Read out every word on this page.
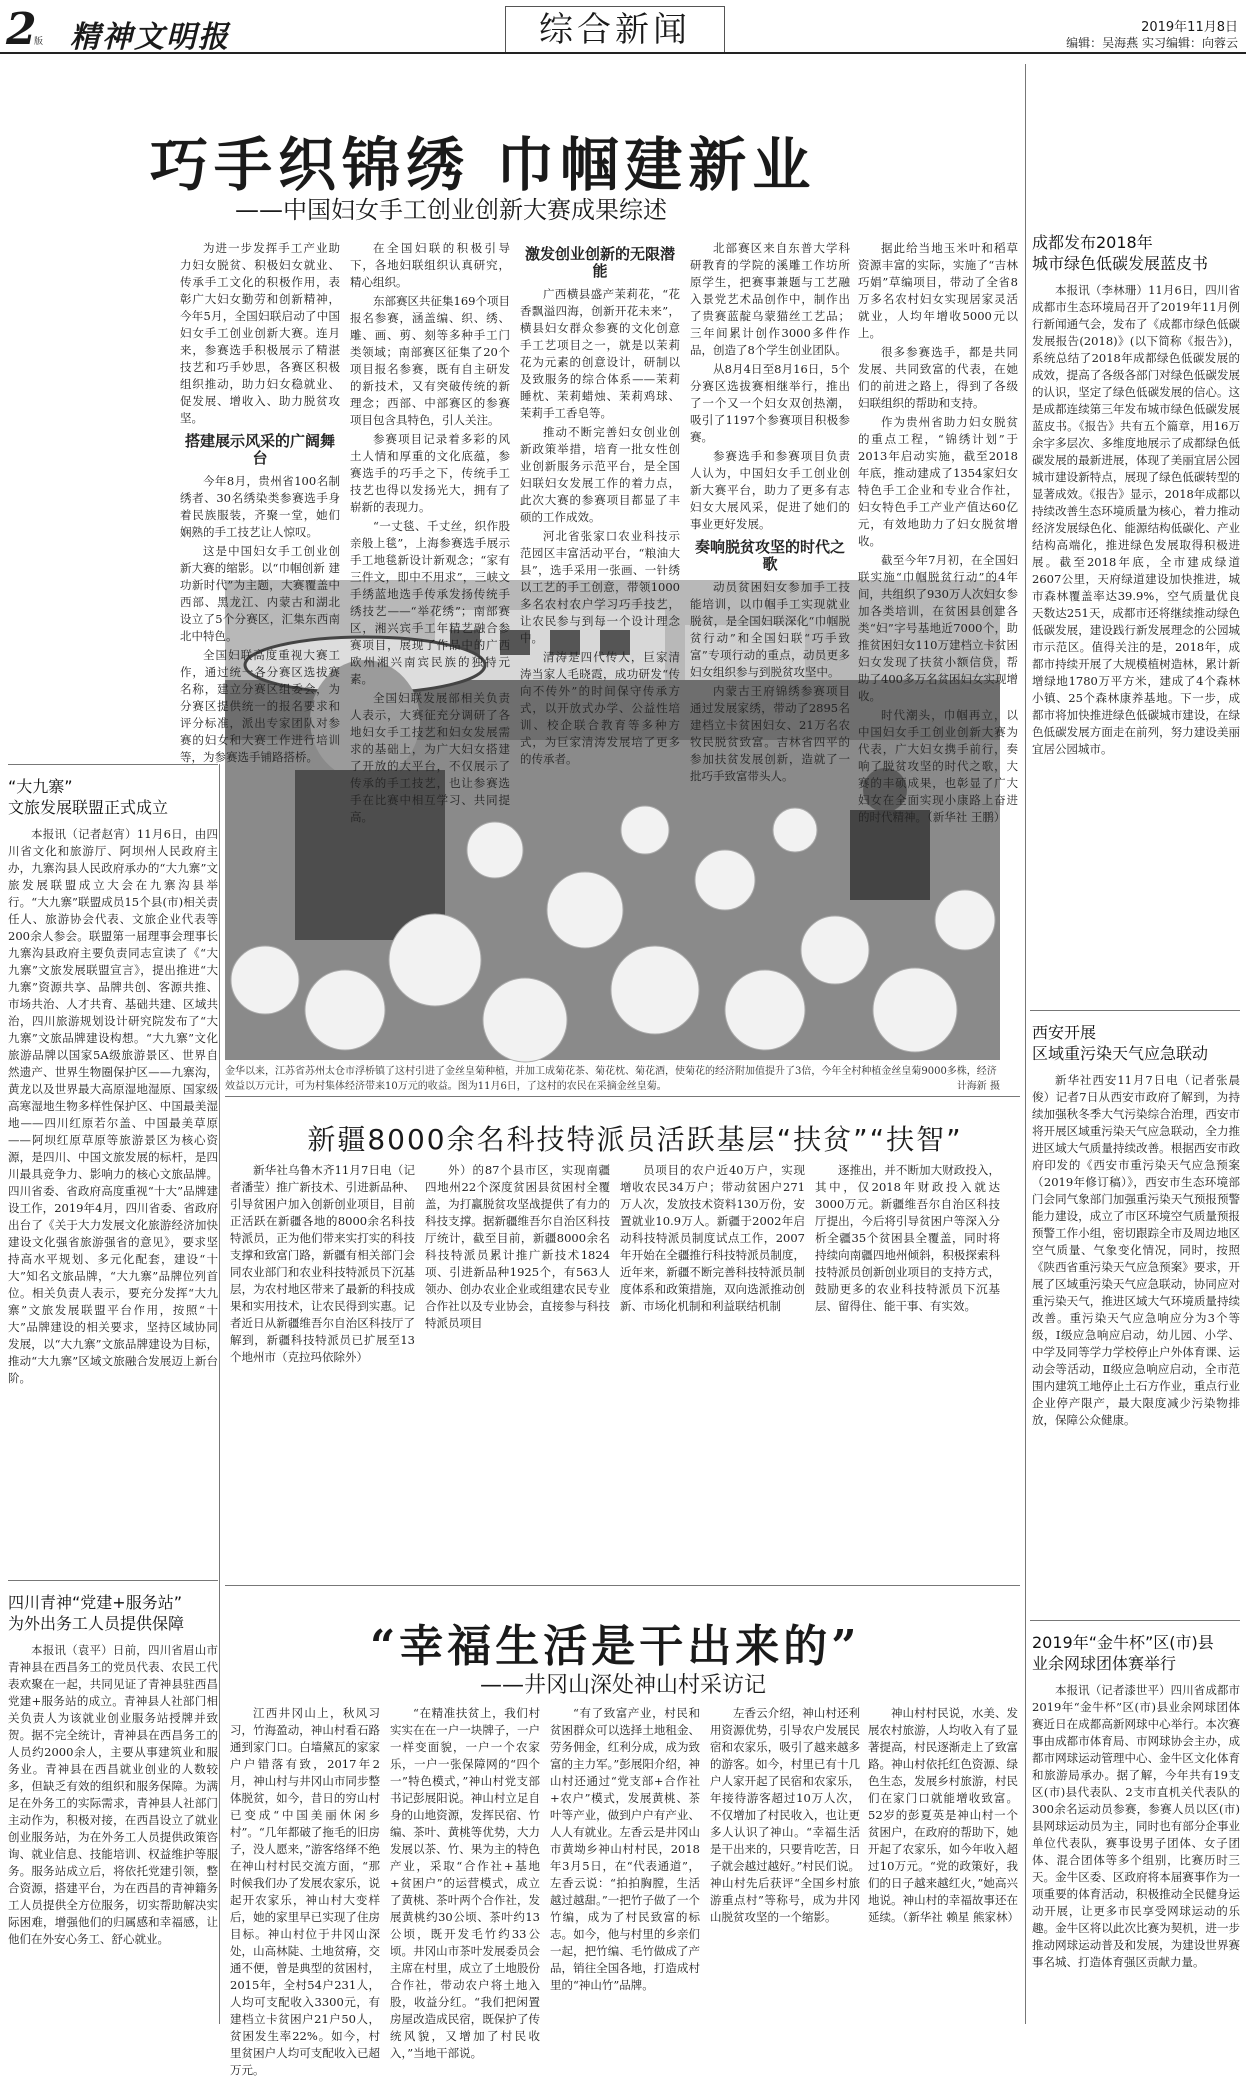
2
版 精神文明报	综合新闻	2019年11月8日
编辑：吴海燕 实习编辑：向蓉云
巧手织锦绣 巾帼建新业
——中国妇女手工创业创新大赛成果综述
金华以来，江苏省苏州太仓市浮桥镇了这村引进了金丝皇菊种植，并加工成菊花茶、菊花枕、菊花酒，使菊花的经济附加值提升了3倍，今年全村种植金丝皇菊9000多株，经济效益以万元计，可为村集体经济带来10万元的收益。图为11月6日，了这村的农民在采摘金丝皇菊。	计海新 摄
新疆8000余名科技特派员活跃基层“扶贫”“扶智”
“幸福生活是干出来的”
——井冈山深处神山村采访记

为进一步发挥手工产业助力妇女脱贫、积极妇女就业、传承手工文化的积极作用，表彰广大妇女勤劳和创新精神，今年5月，全国妇联启动了中国妇女手工创业创新大赛。连月来，参赛选手积极展示了精湛技艺和巧手妙思，各赛区积极组织推动，助力妇女稳就业、促发展、增收入、助力脱贫攻坚。

搭建展示风采的广阔舞台

今年8月，贵州省100名制绣者、30名绣染类参赛选手身着民族服装，齐聚一堂，她们娴熟的手工技艺让人惊叹。

这是中国妇女手工创业创新大赛的缩影。以“巾帼创新 建功新时代”为主题，大赛覆盖中西部、黑龙江、内蒙古和湖北设立了5个分赛区，汇集东西南北中特色。

全国妇联高度重视大赛工作，通过统一各分赛区选拔赛名称，建立分赛区组委会，为分赛区提供统一的报名要求和评分标准，派出专家团队对参赛的妇女和大赛工作进行培训等，为参赛选手铺路搭桥。

在全国妇联的积极引导下，各地妇联组织认真研究，精心组织。

东部赛区共征集169个项目报名参赛，涵盖编、织、绣、雕、画、剪、刻等多种手工门类领域；南部赛区征集了20个项目报名参赛，既有自主研发的新技术，又有突破传统的新理念；西部、中部赛区的参赛项目包含具特色，引人关注。

参赛项目记录着多彩的风土人情和厚重的文化底蕴，参赛选手的巧手之下，传统手工技艺也得以发扬光大，拥有了崭新的表现力。

“一丈毯、千丈丝，织作股亲般上毯”，上海参赛选手展示手工地毯新设计新观念；“家有三件文，即中不用求”，三峡文手绣蓝地选手传承发扬传统手绣技艺——“举花绣”；南部赛区，湘兴宾手工年精艺融合参赛项目，展现了作品中的广西欧州湘兴南宾民族的独特元素。

全国妇联发展部相关负责人表示，大赛征充分调研了各地妇女手工技艺和妇女发展需求的基础上，为广大妇女搭建了开放的大平台，不仅展示了传承的手工技艺，也让参赛选手在比赛中相互学习、共同提高。

激发创业创新的无限潜能

广西横县盛产茉莉花，“花香飘溢四海，创新开花未来”，横县妇女群众参赛的文化创意手工艺项目之一，就是以茉莉花为元素的创意设计，研制以及致服务的综合体系——茉莉睡枕、茉莉蜡烛、茉莉鸡球、茉莉手工香皂等。

推动不断完善妇女创业创新政策举措，培育一批女性创业创新服务示范平台，是全国妇联妇女发展工作的着力点，此次大赛的参赛项目都显了丰硕的工作成效。

河北省张家口农业科技示范园区丰富活动平台，“粮油大县”，选手采用一张画、一针绣以工艺的手工创意，带领1000多名农村农户学习巧手技艺，让农民参与到每一个设计理念中。

清涛是四代传人，巨家清涛当家人毛晓霞，成功研发“传向不传外”的时间保守传承方式，以开放式办学、公益性培训、校企联合教育等多种方式，为巨家清涛发展培了更多的传承者。

北部赛区来自东普大学科研教育的学院的溪雕工作坊所原学生，把赛事兼题与工艺融入景党艺术品创作中，制作出了贵赛蓝靛乌蒙猫丝工艺品；三年间累计创作3000多件作品，创造了8个学生创业团队。

从8月4日至8月16日，5个分赛区选拔赛相继举行，推出了一个又一个妇女双创热潮，吸引了1197个参赛项目积极参赛。

参赛选手和参赛项目负责人认为，中国妇女手工创业创新大赛平台，助力了更多有志妇女大展风采，促进了她们的事业更好发展。

奏响脱贫攻坚的时代之歌

动员贫困妇女参加手工技能培训，以巾帼手工实现就业脱贫，是全国妇联深化“巾帼脱贫行动”和全国妇联“巧手致富”专项行动的重点，动员更多妇女组织参与到脱贫攻坚中。

内蒙古王府锦绣参赛项目通过发展家绣，带动了2895名建档立卡贫困妇女、21万名农牧民脱贫致富。吉林省四平的参加扶贫发展创新，造就了一批巧手致富带头人。

据此给当地玉米叶和稻草资源丰富的实际，实施了“吉林巧娟”草编项目，带动了全省8万多名农村妇女实现居家灵活就业，人均年增收5000元以上。

很多参赛选手，都是共同发展、共同致富的代表，在她们的前进之路上，得到了各级妇联组织的帮助和支持。

作为贵州省助力妇女脱贫的重点工程，“锦绣计划”于2013年启动实施，截至2018年底，推动建成了1354家妇女特色手工企业和专业合作社，妇女特色手工产业产值达60亿元，有效地助力了妇女脱贫增收。

截至今年7月初，在全国妇联实施“巾帼脱贫行动”的4年间，共组织了930万人次妇女参加各类培训，在贫困县创建各类“妇”字号基地近7000个，助推贫困妇女110万建档立卡贫困妇女发现了扶贫小额信贷，帮助了400多万名贫困妇女实现增收。

时代潮头，巾帼再立，以中国妇女手工创业创新大赛为代表，广大妇女携手前行，奏响了脱贫攻坚的时代之歌，大赛的丰硕成果，也彰显了广大妇女在全面实现小康路上奋进的时代精神。（新华社 王鹏）

新华社乌鲁木齐11月7日电（记者潘莹）推广新技术、引进新品种、引导贫困户加入创新创业项目，目前正活跃在新疆各地的8000余名科技特派员，正为他们带来实打实的科技支撑和致富门路，新疆有相关部门会同农业部门和农业科技特派员下沉基层，为农村地区带来了最新的科技成果和实用技术，让农民得到实惠。记者近日从新疆维吾尔自治区科技厅了解到，新疆科技特派员已扩展至13个地州市（克拉玛依除外）

外）的87个县市区，实现南疆四地州22个深度贫困县贫困村全覆盖，为打赢脱贫攻坚战提供了有力的科技支撑。据新疆维吾尔自治区科技厅统计，截至目前，新疆8000余名科技特派员累计推广新技术1824项、引进新品种1925个，有563人领办、创办农业企业或组建农民专业合作社以及专业协会，直接参与科技特派员项目

员项目的农户近40万户，实现增收农民34万户；带动贫困户271万人次，发放技术资料130万份，安置就业10.9万人。新疆于2002年启动科技特派员制度试点工作，2007年开始在全疆推行科技特派员制度，近年来，新疆不断完善科技特派员制度体系和政策措施，双向选派推动创新、市场化机制和利益联结机制

逐推出，并不断加大财政投入，其中，仅2018年财政投入就达3000万元。新疆维吾尔自治区科技厅提出，今后将引导贫困户等深入分析全疆35个贫困县全覆盖，同时将持续向南疆四地州倾斜，积极探索科技特派员创新创业项目的支持方式，鼓励更多的农业科技特派员下沉基层、留得住、能干事、有实效。

江西井冈山上，秋风习习，竹海盈动，神山村看石路通到家门口。白墙黛瓦的家家户户错落有致，2017年2月，神山村与井冈山市同步整体脱贫，如今，昔日的穷山村已变成“中国美丽休闲乡村”。“几年都破了拖毛的旧房子，没人愿来，”游客络绎不绝在神山村村民交流方面，“那时候我们办了发展农家乐，说起开农家乐，神山村大变样后，她的家里早已实现了住房目标。神山村位于井冈山深处，山高林陡、土地贫瘠，交通不便，曾是典型的贫困村，2015年，全村54户231人，人均可支配收入3300元，有建档立卡贫困户21户50人，贫困发生率22%。如今，村里贫困户人均可支配收入已超万元。

“在精准扶贫上，我们村实实在在一户一块牌子，一户一样变面貌，一户一个农家乐，一户一张保障网的“四个一”特色模式，”神山村党支部书记彭展阳说。神山村立足自身的山地资源，发挥民宿、竹编、茶叶、黄桃等优势，大力发展以茶、竹、果为主的特色产业，采取“合作社+基地+贫困户”的运营模式，成立了黄桃、茶叶两个合作社，发展黄桃约30公顷、茶叶约13公顷，既开发毛竹约33公顷。井冈山市茶叶发展委员会主席在村里，成立了土地股份合作社，带动农户将土地入股，收益分红。“我们把闲置房屋改造成民宿，既保护了传统风貌，又增加了村民收入，”当地干部说。

“有了致富产业，村民和贫困群众可以选择土地租金、劳务佣金，红利分成，成为致富的主力军。”彭展阳介绍，神山村还通过“党支部+合作社+农户”模式，发展黄桃、茶叶等产业，做到户户有产业、人人有就业。左香云是井冈山市黄坳乡神山村村民，2018年3月5日，在“代表通道”，左香云说：“拍拍胸膛，生活越过越甜。”一把竹子做了一个竹编，成为了村民致富的标志。如今，他与村里的乡亲们一起，把竹编、毛竹做成了产品，销往全国各地，打造成村里的“神山竹”品牌。

左香云介绍，神山村还利用资源优势，引导农户发展民宿和农家乐，吸引了越来越多的游客。如今，村里已有十几户人家开起了民宿和农家乐，年接待游客超过10万人次，不仅增加了村民收入，也让更多人认识了神山。“幸福生活是干出来的，只要肯吃苦，日子就会越过越好。”村民们说。神山村先后获评“全国乡村旅游重点村”等称号，成为井冈山脱贫攻坚的一个缩影。

神山村村民说，水美、发展农村旅游，人均收入有了显著提高，村民逐渐走上了致富路。神山村依托红色资源、绿色生态，发展乡村旅游，村民们在家门口就能增收致富。52岁的彭夏英是神山村一个贫困户，在政府的帮助下，她开起了农家乐，如今年收入超过10万元。“党的政策好，我们的日子越来越红火，”她高兴地说。神山村的幸福故事还在延续。（新华社 赖星 熊家林）

“大九寨”
文旅发展联盟正式成立

本报讯（记者赵宵）11月6日，由四川省文化和旅游厅、阿坝州人民政府主办，九寨沟县人民政府承办的“大九寨”文旅发展联盟成立大会在九寨沟县举行。“大九寨”联盟成员15个县(市)相关责任人、旅游协会代表、文旅企业代表等200余人参会。联盟第一届理事会理事长九寨沟县政府主要负责同志宣读了《“大九寨”文旅发展联盟宣言》，提出推进“大九寨”资源共享、品牌共创、客源共推、市场共治、人才共育、基础共建、区域共治，四川旅游规划设计研究院发布了“大九寨”文旅品牌建设构想。“大九寨”文化旅游品牌以国家5A级旅游景区、世界自然遗产、世界生物圈保护区——九寨沟，黄龙以及世界最大高原湿地湿原、国家级高寒湿地生物多样性保护区、中国最美湿地——四川红原若尔盖、中国最美草原——阿坝红原草原等旅游景区为核心资源，是四川、中国文旅发展的标杆，是四川最具竞争力、影响力的核心文旅品牌。四川省委、省政府高度重视“十大”品牌建设工作，2019年4月，四川省委、省政府出台了《关于大力发展文化旅游经济加快建设文化强省旅游强省的意见》，要求坚持高水平规划、多元化配套，建设“十大”知名文旅品牌，“大九寨”品牌位列首位。相关负责人表示，要充分发挥“大九寨”文旅发展联盟平台作用，按照“十大”品牌建设的相关要求，坚持区域协同发展，以“大九寨”文旅品牌建设为目标，推动“大九寨”区域文旅融合发展迈上新台阶。

四川青神“党建+服务站”
为外出务工人员提供保障

本报讯（袁平）日前，四川省眉山市青神县在西昌务工的党员代表、农民工代表欢聚在一起，共同见证了青神县驻西昌党建+服务站的成立。青神县人社部门相关负责人为该就业创业服务站授牌并致贺。据不完全统计，青神县在西昌务工的人员约2000余人，主要从事建筑业和服务业。青神县在西昌就业创业的人数较多，但缺乏有效的组织和服务保障。为满足在外务工的实际需求，青神县人社部门主动作为，积极对接，在西昌设立了就业创业服务站，为在外务工人员提供政策咨询、就业信息、技能培训、权益维护等服务。服务站成立后，将依托党建引领，整合资源，搭建平台，为在西昌的青神籍务工人员提供全方位服务，切实帮助解决实际困难，增强他们的归属感和幸福感，让他们在外安心务工、舒心就业。

成都发布2018年
城市绿色低碳发展蓝皮书

本报讯（李林珊）11月6日，四川省成都市生态环境局召开了2019年11月例行新闻通气会，发布了《成都市绿色低碳发展报告(2018)》(以下简称《报告》)，系统总结了2018年成都绿色低碳发展的成效，提高了各级各部门对绿色低碳发展的认识，坚定了绿色低碳发展的信心。这是成都连续第三年发布城市绿色低碳发展蓝皮书。《报告》共有五个篇章，用16万余字多层次、多维度地展示了成都绿色低碳发展的最新进展，体现了美丽宜居公园城市建设新特点，展现了绿色低碳转型的显著成效。《报告》显示，2018年成都以持续改善生态环境质量为核心，着力推动经济发展绿色化、能源结构低碳化、产业结构高端化，推进绿色发展取得积极进展。截至2018年底，全市建成绿道2607公里，天府绿道建设加快推进，城市森林覆盖率达39.9%，空气质量优良天数达251天，成都市还将继续推动绿色低碳发展，建设践行新发展理念的公园城市示范区。值得关注的是，2018年，成都市持续开展了大规模植树造林，累计新增绿地1780万平方米，建成了4个森林小镇、25个森林康养基地。下一步，成都市将加快推进绿色低碳城市建设，在绿色低碳发展方面走在前列，努力建设美丽宜居公园城市。

西安开展
区域重污染天气应急联动

新华社西安11月7日电（记者张晨俊）记者7日从西安市政府了解到，为持续加强秋冬季大气污染综合治理，西安市将开展区域重污染天气应急联动，全力推进区域大气质量持续改善。根据西安市政府印发的《西安市重污染天气应急预案（2019年修订稿）》，西安市生态环境部门会同气象部门加强重污染天气预报预警能力建设，成立了市区环境空气质量预报预警工作小组，密切跟踪全市及周边地区空气质量、气象变化情况，同时，按照《陕西省重污染天气应急预案》要求，开展了区域重污染天气应急联动，协同应对重污染天气，推进区域大气环境质量持续改善。重污染天气应急响应分为3个等级，Ⅰ级应急响应启动，幼儿园、小学、中学及同等学力学校停止户外体育课、运动会等活动，Ⅱ级应急响应启动，全市范围内建筑工地停止土石方作业，重点行业企业停产限产，最大限度减少污染物排放，保障公众健康。

2019年“金牛杯”区(市)县
业余网球团体赛举行

本报讯（记者漆世平）四川省成都市2019年“金牛杯”区(市)县业余网球团体赛近日在成都高新网球中心举行。本次赛事由成都市体育局、市网球协会主办，成都市网球运动管理中心、金牛区文化体育和旅游局承办。据了解，今年共有19支区(市)县代表队、2支市直机关代表队的300余名运动员参赛，参赛人员以区(市)县网球运动员为主，同时也有部分企事业单位代表队，赛事设男子团体、女子团体、混合团体等多个组别，比赛历时三天。金牛区委、区政府将本届赛事作为一项重要的体育活动，积极推动全民健身运动开展，让更多市民享受网球运动的乐趣。金牛区将以此次比赛为契机，进一步推动网球运动普及和发展，为建设世界赛事名城、打造体育强区贡献力量。
